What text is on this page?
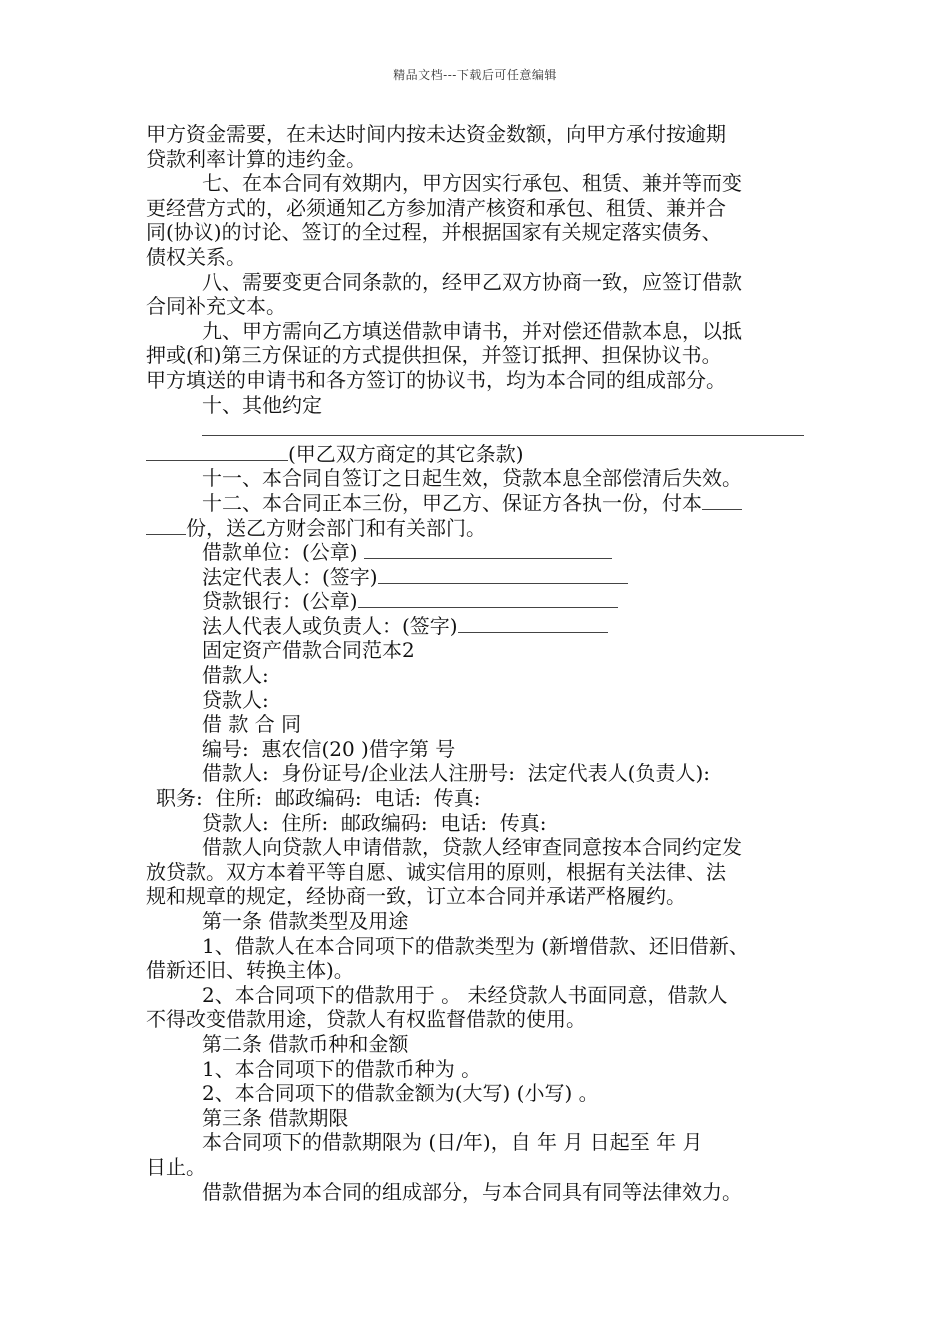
精品文档---下载后可任意编辑
甲方资金需要，在未达时间内按未达资金数额，向甲方承付按逾期
贷款利率计算的违约金。
七、在本合同有效期内，甲方因实行承包、租赁、兼并等而变
更经营方式的，必须通知乙方参加清产核资和承包、租赁、兼并合
同(协议)的讨论、签订的全过程，并根据国家有关规定落实债务、
债权关系。
八、需要变更合同条款的，经甲乙双方协商一致，应签订借款
合同补充文本。
九、甲方需向乙方填送借款申请书，并对偿还借款本息，以抵
押或(和)第三方保证的方式提供担保，并签订抵押、担保协议书。
甲方填送的申请书和各方签订的协议书，均为本合同的组成部分。
十、其他约定
(甲乙双方商定的其它条款)
十一、本合同自签订之日起生效，贷款本息全部偿清后失效。
十二、本合同正本三份，甲乙方、保证方各执一份，付本
份，送乙方财会部门和有关部门。
借款单位：(公章)
法定代表人：(签字)
贷款银行：(公章)
法人代表人或负责人：(签字)
固定资产借款合同范本2
借款人:
贷款人:
借 款 合 同
编号:  惠农信(20 )借字第 号
借款人:  身份证号/企业法人注册号:  法定代表人(负责人):
职务:  住所:  邮政编码:  电话:  传真:
贷款人:  住所:  邮政编码:  电话:  传真:
借款人向贷款人申请借款，贷款人经审查同意按本合同约定发
放贷款。双方本着平等自愿、诚实信用的原则，根据有关法律、法
规和规章的规定，经协商一致，订立本合同并承诺严格履约。
第一条 借款类型及用途
1、借款人在本合同项下的借款类型为 (新增借款、还旧借新、
借新还旧、转换主体)。
2、本合同项下的借款用于 。 未经贷款人书面同意，借款人
不得改变借款用途，贷款人有权监督借款的使用。
第二条 借款币种和金额
1、本合同项下的借款币种为 。
2、本合同项下的借款金额为(大写) (小写) 。
第三条 借款期限
本合同项下的借款期限为 (日/年)，自 年 月 日起至 年 月
日止。
借款借据为本合同的组成部分，与本合同具有同等法律效力。
